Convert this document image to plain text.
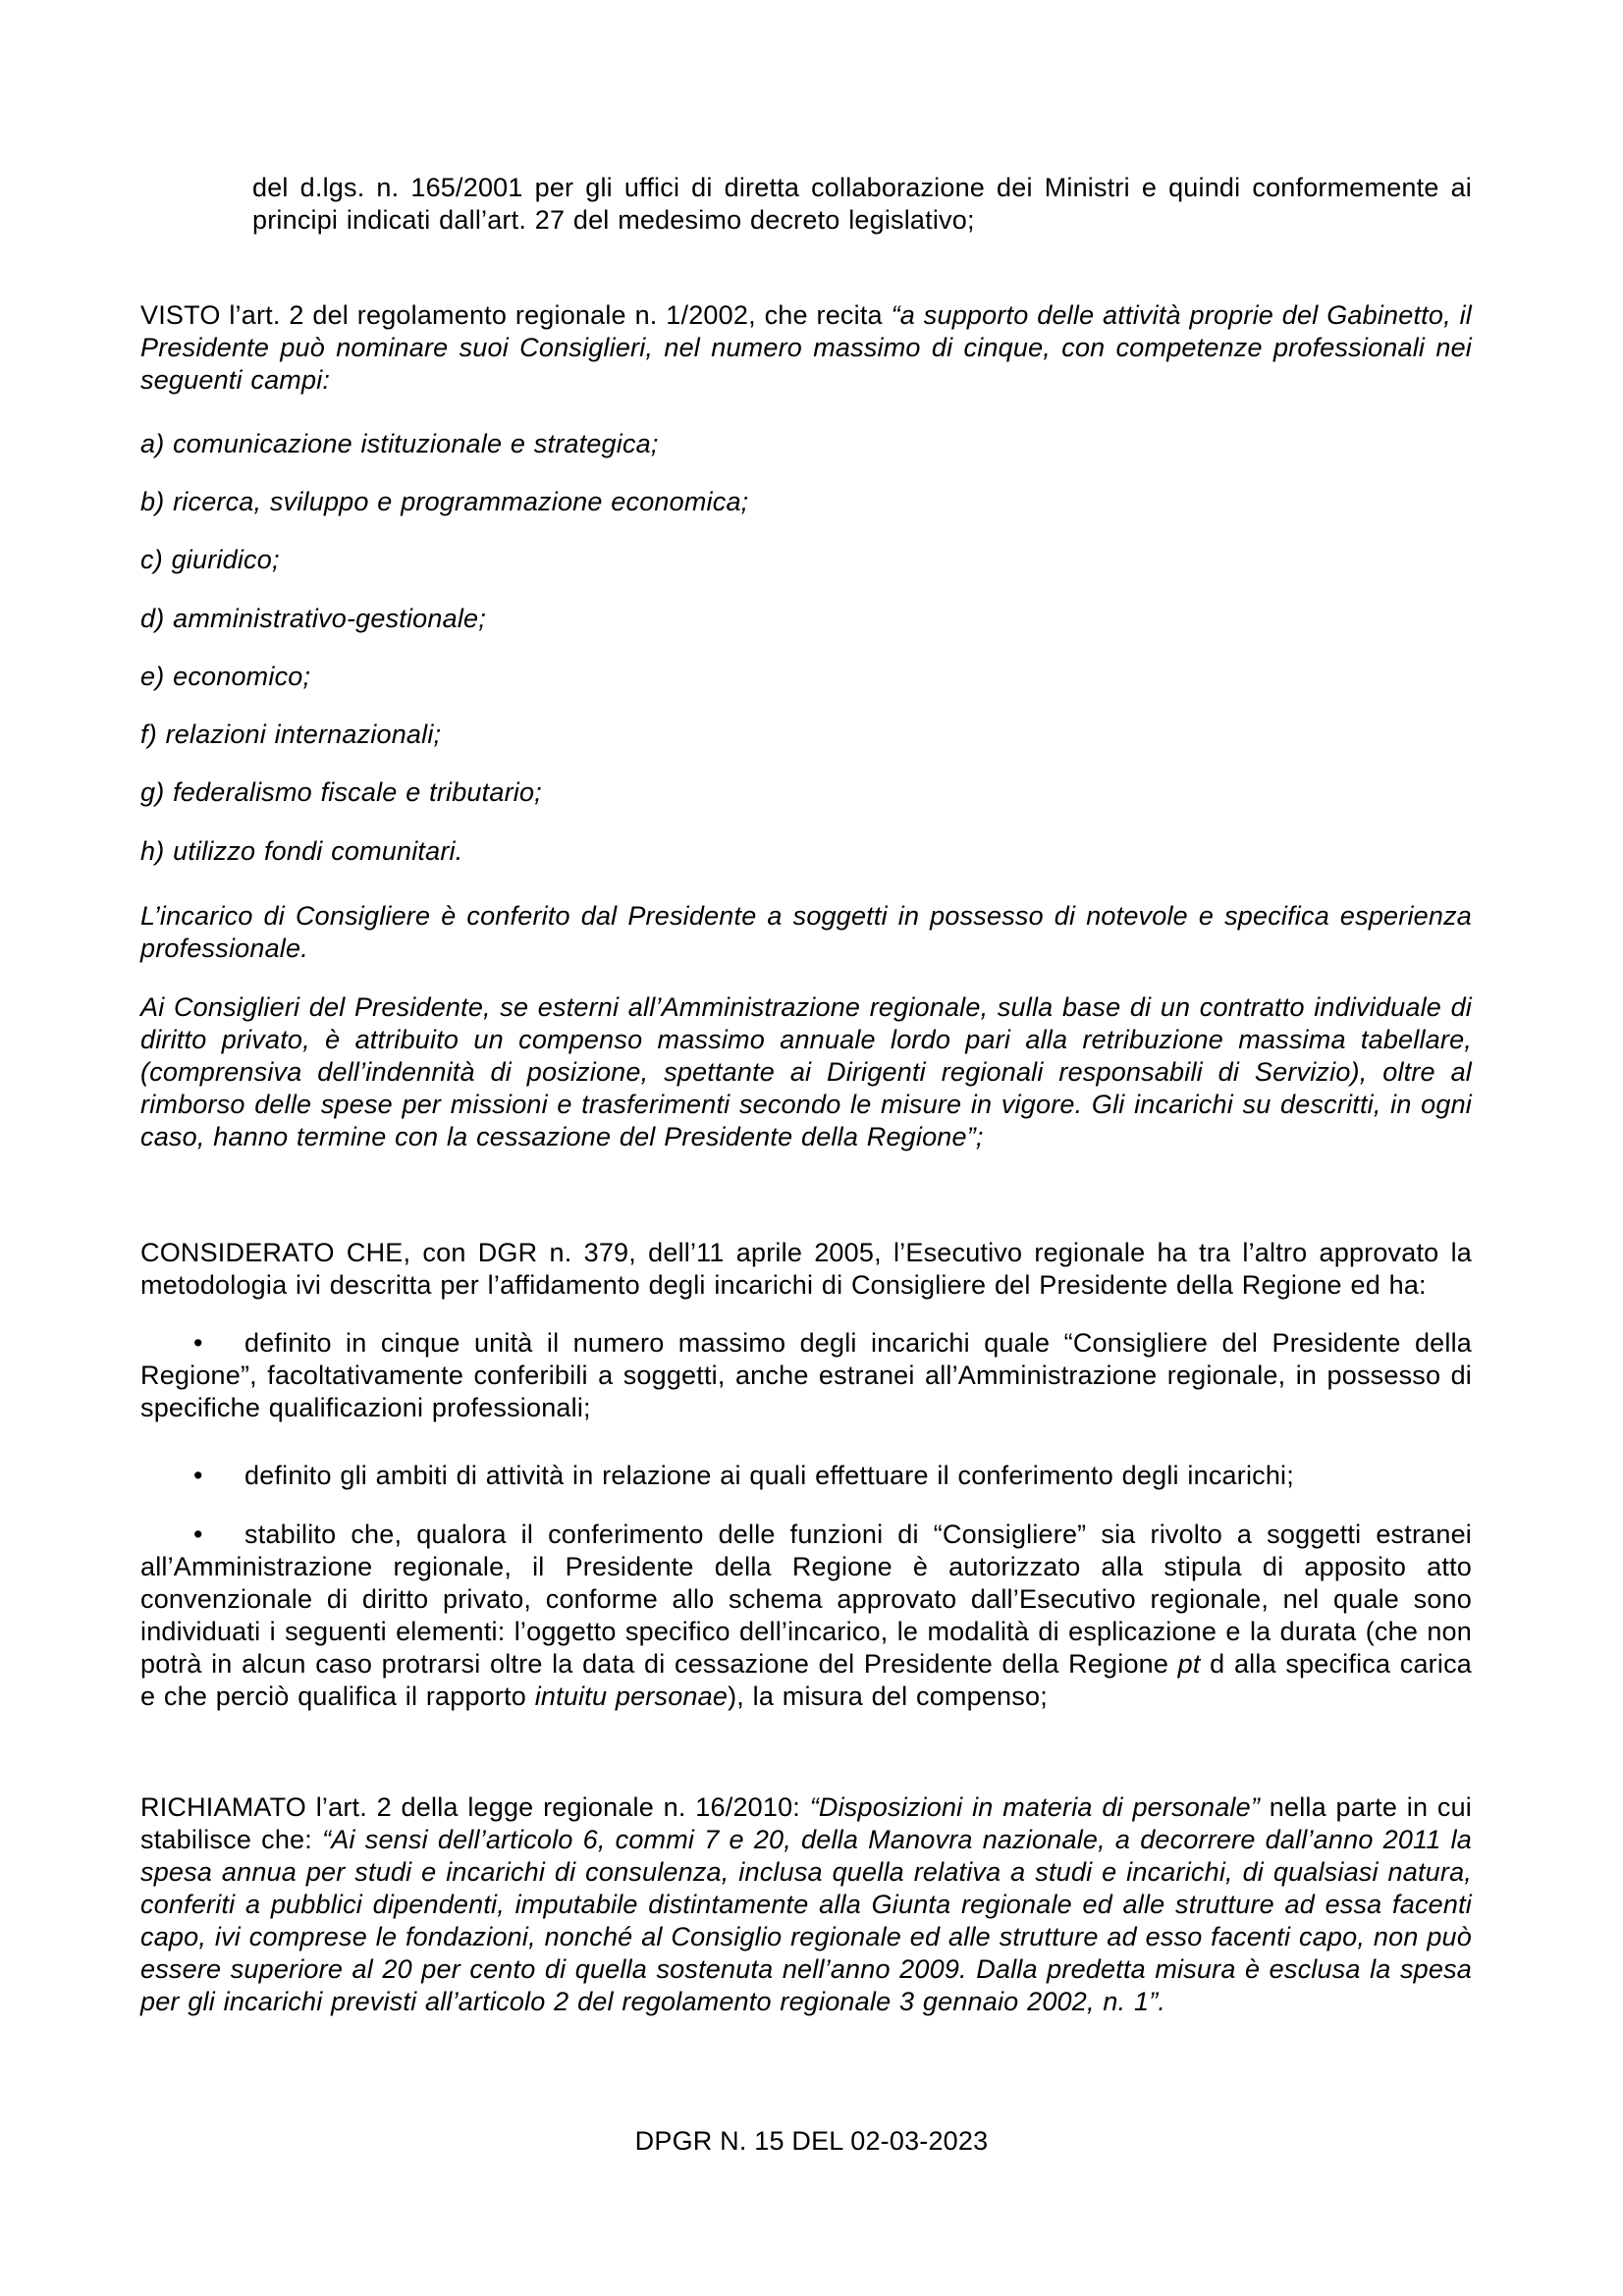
del d.lgs. n. 165/2001 per gli uffici di diretta collaborazione dei Ministri e quindi conformemente ai principi indicati dall’art. 27 del medesimo decreto legislativo;

VISTO l’art. 2 del regolamento regionale n. 1/2002, che recita “a supporto delle attività proprie del Gabinetto, il Presidente può nominare suoi Consiglieri, nel numero massimo di cinque, con competenze professionali nei seguenti campi:

a) comunicazione istituzionale e strategica;

b) ricerca, sviluppo e programmazione economica;

c) giuridico;

d) amministrativo-gestionale;

e) economico;

f) relazioni internazionali;

g) federalismo fiscale e tributario;

h) utilizzo fondi comunitari.

L’incarico di Consigliere è conferito dal Presidente a soggetti in possesso di notevole e specifica esperienza professionale.

Ai Consiglieri del Presidente, se esterni all’Amministrazione regionale, sulla base di un contratto individuale di diritto privato, è attribuito un compenso massimo annuale lordo pari alla retribuzione massima tabellare, (comprensiva dell’indennità di posizione, spettante ai Dirigenti regionali responsabili di Servizio), oltre al rimborso delle spese per missioni e trasferimenti secondo le misure in vigore. Gli incarichi su descritti, in ogni caso, hanno termine con la cessazione del Presidente della Regione”;

CONSIDERATO CHE, con DGR n. 379, dell’11 aprile 2005, l’Esecutivo regionale ha tra l’altro approvato la metodologia ivi descritta per l’affidamento degli incarichi di Consigliere del Presidente della Regione ed ha:

• definito in cinque unità il numero massimo degli incarichi quale “Consigliere del Presidente della Regione”, facoltativamente conferibili a soggetti, anche estranei all’Amministrazione regionale, in possesso di specifiche qualificazioni professionali;

• definito gli ambiti di attività in relazione ai quali effettuare il conferimento degli incarichi;

• stabilito che, qualora il conferimento delle funzioni di “Consigliere” sia rivolto a soggetti estranei all’Amministrazione regionale, il Presidente della Regione è autorizzato alla stipula di apposito atto convenzionale di diritto privato, conforme allo schema approvato dall’Esecutivo regionale, nel quale sono individuati i seguenti elementi: l’oggetto specifico dell’incarico, le modalità di esplicazione e la durata (che non potrà in alcun caso protrarsi oltre la data di cessazione del Presidente della Regione pt d alla specifica carica e che perciò qualifica il rapporto intuitu personae), la misura del compenso;

RICHIAMATO l’art. 2 della legge regionale n. 16/2010: “Disposizioni in materia di personale” nella parte in cui stabilisce che: “Ai sensi dell’articolo 6, commi 7 e 20, della Manovra nazionale, a decorrere dall’anno 2011 la spesa annua per studi e incarichi di consulenza, inclusa quella relativa a studi e incarichi, di qualsiasi natura, conferiti a pubblici dipendenti, imputabile distintamente alla Giunta regionale ed alle strutture ad essa facenti capo, ivi comprese le fondazioni, nonché al Consiglio regionale ed alle strutture ad esso facenti capo, non può essere superiore al 20 per cento di quella sostenuta nell’anno 2009. Dalla predetta misura è esclusa la spesa per gli incarichi previsti all’articolo 2 del regolamento regionale 3 gennaio 2002, n. 1”.

DPGR N. 15 DEL 02-03-2023
